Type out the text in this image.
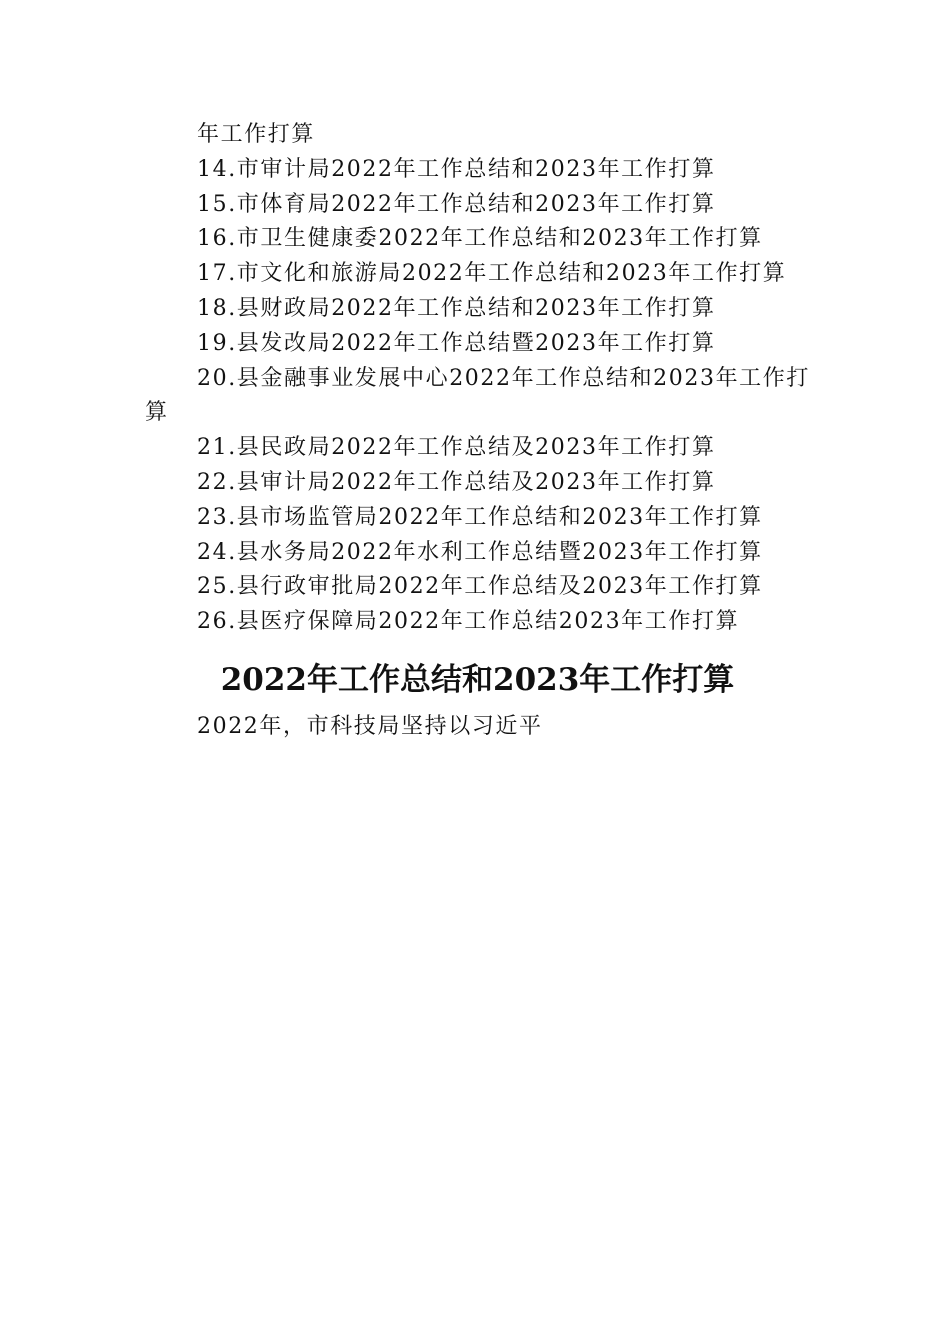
年工作打算

14.市审计局2022年工作总结和2023年工作打算

15.市体育局2022年工作总结和2023年工作打算

16.市卫生健康委2022年工作总结和2023年工作打算

17.市文化和旅游局2022年工作总结和2023年工作打算

18.县财政局2022年工作总结和2023年工作打算

19.县发改局2022年工作总结暨2023年工作打算

20.县金融事业发展中心2022年工作总结和2023年工作打算

21.县民政局2022年工作总结及2023年工作打算

22.县审计局2022年工作总结及2023年工作打算

23.县市场监管局2022年工作总结和2023年工作打算

24.县水务局2022年水利工作总结暨2023年工作打算

25.县行政审批局2022年工作总结及2023年工作打算

26.县医疗保障局2022年工作总结2023年工作打算

2022年工作总结和2023年工作打算

2022年，市科技局坚持以习近平
